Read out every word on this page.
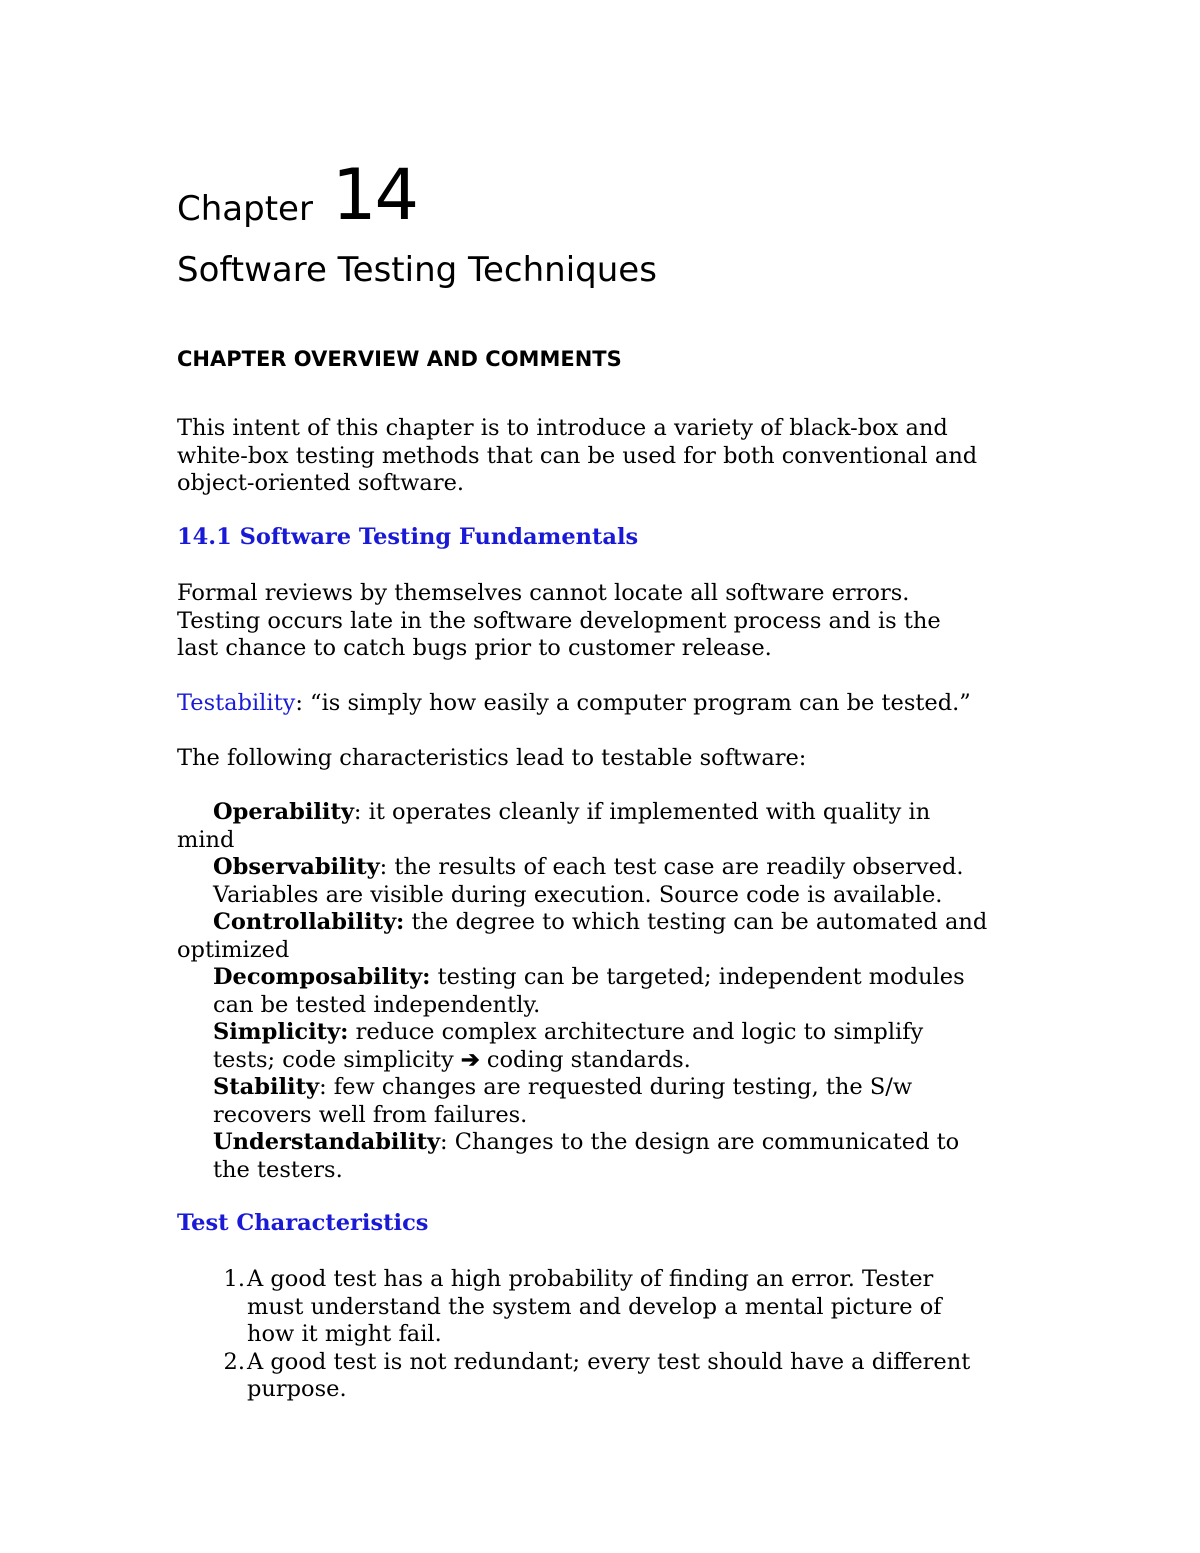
Chapter 14
Software Testing Techniques
CHAPTER OVERVIEW AND COMMENTS
This intent of this chapter is to introduce a variety of black-box and
white-box testing methods that can be used for both conventional and
object-oriented software.
14.1 Software Testing Fundamentals
Formal reviews by themselves cannot locate all software errors.
Testing occurs late in the software development process and is the
last chance to catch bugs prior to customer release.
Testability: “is simply how easily a computer program can be tested.”
The following characteristics lead to testable software:
Operability: it operates cleanly if implemented with quality in
mind
Observability: the results of each test case are readily observed.
Variables are visible during execution. Source code is available.
Controllability: the degree to which testing can be automated and
optimized
Decomposability: testing can be targeted; independent modules
can be tested independently.
Simplicity: reduce complex architecture and logic to simplify
tests; code simplicity ➔ coding standards.
Stability: few changes are requested during testing, the S/w
recovers well from failures.
Understandability: Changes to the design are communicated to
the testers.
Test Characteristics
1. A good test has a high probability of finding an error. Tester
must understand the system and develop a mental picture of
how it might fail.
2. A good test is not redundant; every test should have a different
purpose.
